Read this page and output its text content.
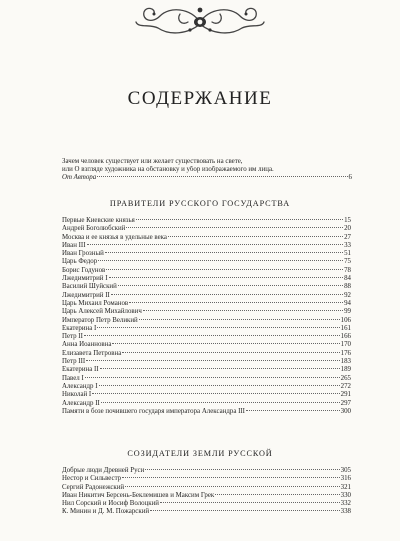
СОДЕРЖАНИЕ
Зачем человек существует или желает существовать на свете,
или О взгляде художника на обстановку и убор изображаемого им лица.
От Автора	6
ПРАВИТЕЛИ РУССКОГО ГОСУДАРСТВА
Первые Киевские князья	15
Андрей Боголюбский	20
Москва и ее князья в удельные века	27
Иван III	33
Иван Грозный	51
Царь Федор	75
Борис Годунов	78
Лжедимитрий I	84
Василий Шуйский	88
Лжедимитрий II	92
Царь Михаил Романов	94
Царь Алексей Михайлович	99
Император Петр Великий	106
Екатерина I	161
Петр II	166
Анна Иоанновна	170
Елизавета Петровна	176
Петр III	183
Екатерина II	189
Павел I	265
Александр I	272
Николай I	291
Александр II	297
Памяти в бозе почившего государя императора Александра III	300
СОЗИДАТЕЛИ ЗЕМЛИ РУССКОЙ
Добрые люди Древней Руси	305
Нестор и Сильвестр	316
Сергий Радонежский	321
Иван Никитич Берсень-Беклемишев и Максим Грек	330
Нил Сорский и Иосиф Волоцкий	332
К. Минин и Д. М. Пожарский	338
